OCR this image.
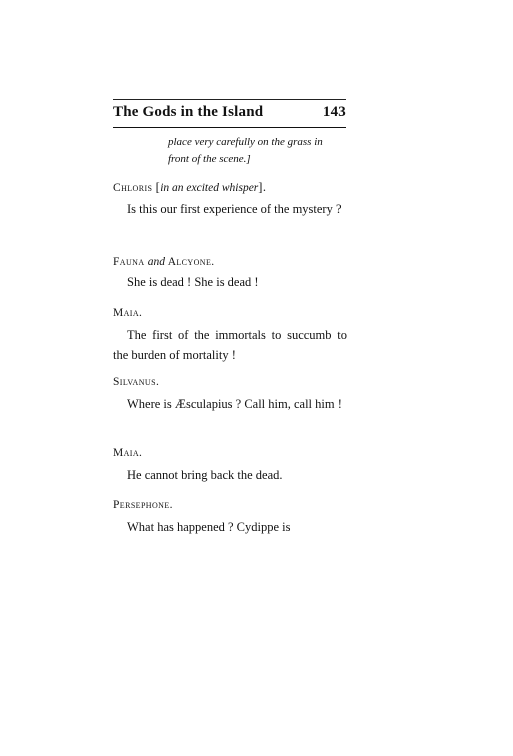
The Gods in the Island	143
place very carefully on the grass in
front of the scene.]
Chloris [in an excited whisper].
Is this our first experience of the mystery ?
Fauna and Alcyone.
She is dead ! She is dead !
Maia.
The first of the immortals to succumb to the burden of mortality !
Silvanus.
Where is Æsculapius ? Call him, call him !
Maia.
He cannot bring back the dead.
Persephone.
What has happened ? Cydippe is
